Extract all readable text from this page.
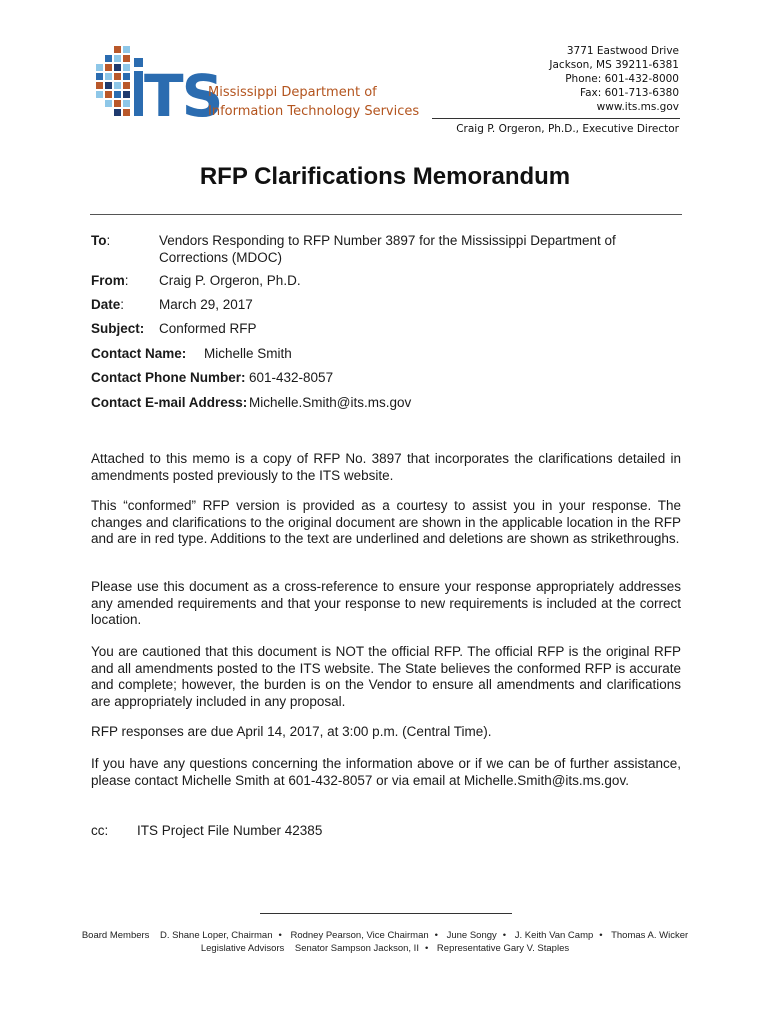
TS
Mississippi Department of
Information Technology Services
3771 Eastwood Drive
Jackson, MS 39211-6381
Phone: 601-432-8000
Fax: 601-713-6380
www.its.ms.gov
Craig P. Orgeron, Ph.D., Executive Director
RFP Clarifications Memorandum
To:	Vendors Responding to RFP Number 3897 for the Mississippi Department of
Corrections (MDOC)
From: Craig P. Orgeron, Ph.D.
Date:	March 29, 2017
Subject: Conformed RFP
Contact Name: Michelle Smith
Contact Phone Number: 601-432-8057
Contact E-mail Address: Michelle.Smith@its.ms.gov
Attached to this memo is a copy of RFP No. 3897 that incorporates the clarifications detailed in amendments posted previously to the ITS website.
This “conformed” RFP version is provided as a courtesy to assist you in your response. The changes and clarifications to the original document are shown in the applicable location in the RFP and are in red type. Additions to the text are underlined and deletions are shown as strikethroughs.
Please use this document as a cross-reference to ensure your response appropriately addresses any amended requirements and that your response to new requirements is included at the correct location.
You are cautioned that this document is NOT the official RFP. The official RFP is the original RFP and all amendments posted to the ITS website. The State believes the conformed RFP is accurate and complete; however, the burden is on the Vendor to ensure all amendments and clarifications are appropriately included in any proposal.
RFP responses are due April 14, 2017, at 3:00 p.m. (Central Time).
If you have any questions concerning the information above or if we can be of further assistance, please contact Michelle Smith at 601-432-8057 or via email at Michelle.Smith@its.ms.gov.
cc: ITS Project File Number 42385
Board Members D. Shane Loper, Chairman • Rodney Pearson, Vice Chairman • June Songy • J. Keith Van Camp • Thomas A. Wicker
Legislative Advisors Senator Sampson Jackson, II • Representative Gary V. Staples
